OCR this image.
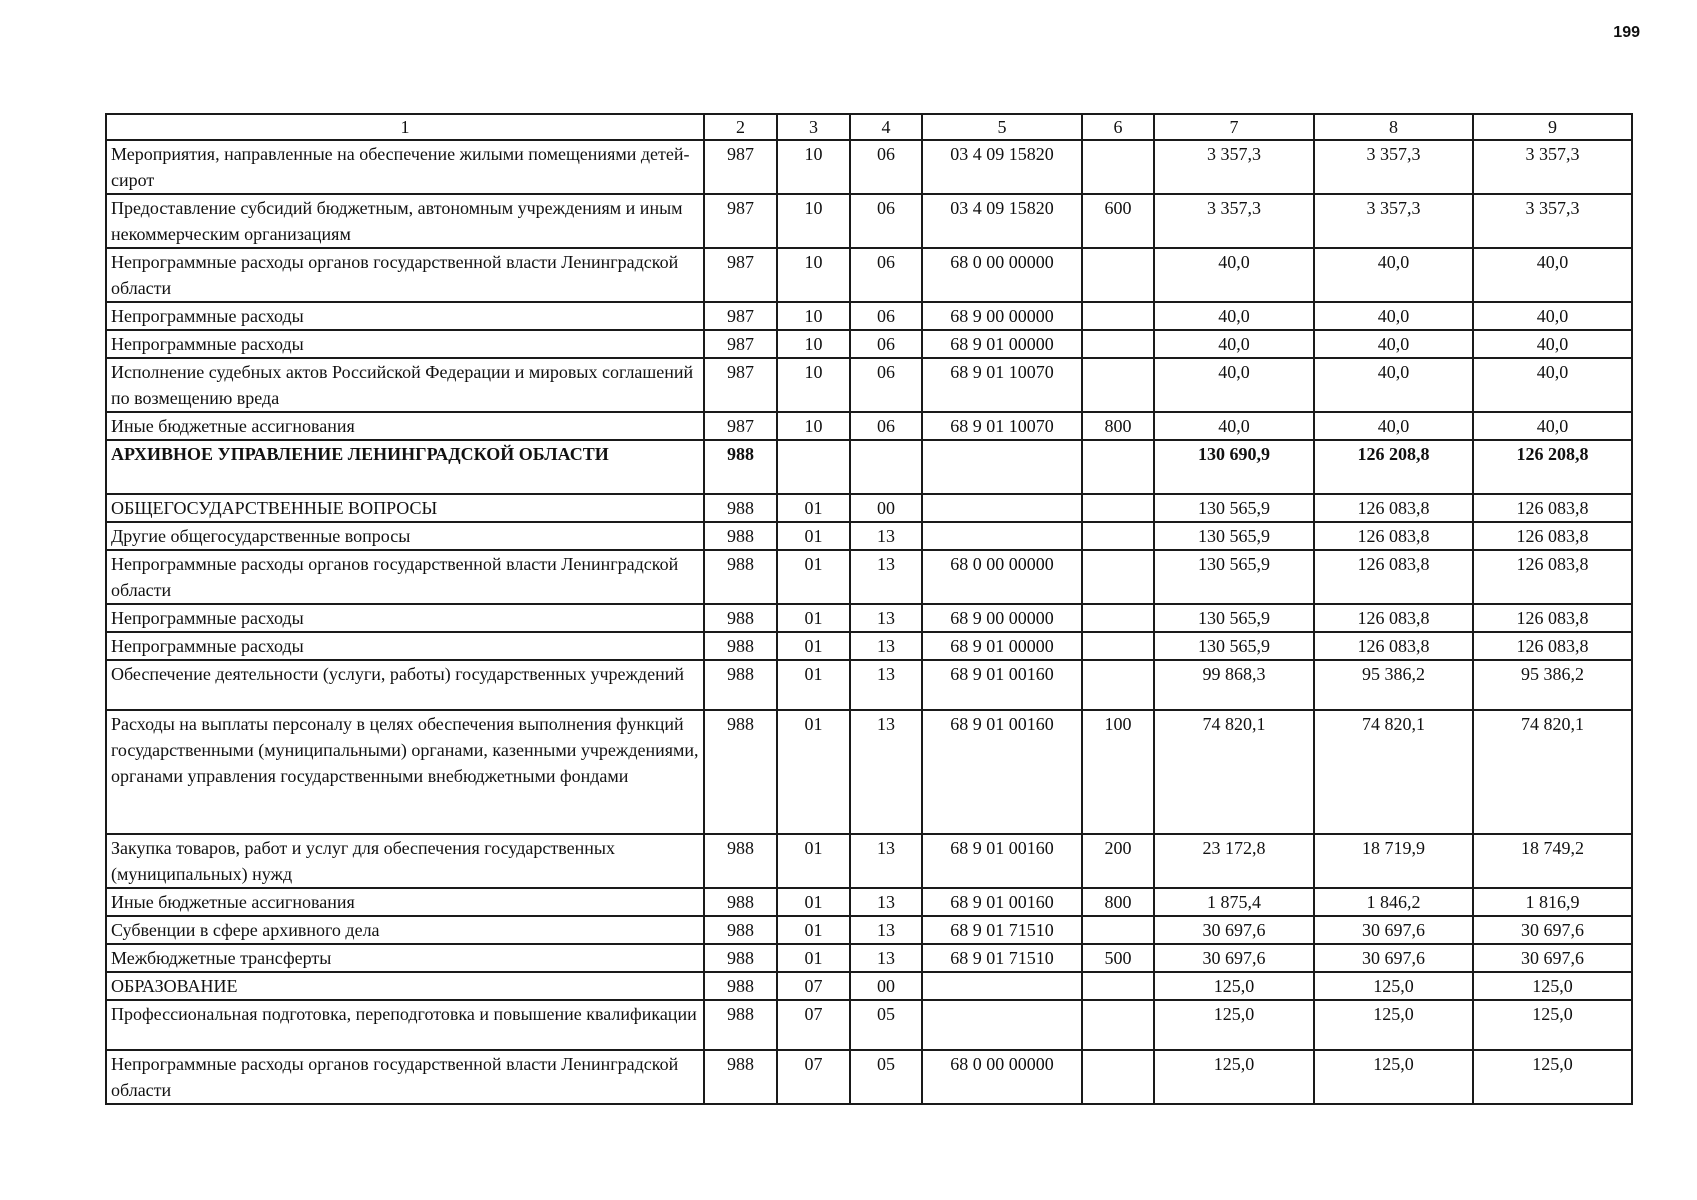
199
1	2	3	4	5	6	7	8	9
Мероприятия, направленные на обеспечение жилыми помещениями детей-сирот	987	10	06	03 4 09 15820		3 357,3	3 357,3	3 357,3
Предоставление субсидий бюджетным, автономным учреждениям и иным некоммерческим организациям	987	10	06	03 4 09 15820	600	3 357,3	3 357,3	3 357,3
Непрограммные расходы органов государственной власти Ленинградской области	987	10	06	68 0 00 00000		40,0	40,0	40,0
Непрограммные расходы	987	10	06	68 9 00 00000		40,0	40,0	40,0
Непрограммные расходы	987	10	06	68 9 01 00000		40,0	40,0	40,0
Исполнение судебных актов Российской Федерации и мировых соглашений по возмещению вреда	987	10	06	68 9 01 10070		40,0	40,0	40,0
Иные бюджетные ассигнования	987	10	06	68 9 01 10070	800	40,0	40,0	40,0
АРХИВНОЕ УПРАВЛЕНИЕ ЛЕНИНГРАДСКОЙ ОБЛАСТИ	988					130 690,9	126 208,8	126 208,8
ОБЩЕГОСУДАРСТВЕННЫЕ ВОПРОСЫ	988	01	00			130 565,9	126 083,8	126 083,8
Другие общегосударственные вопросы	988	01	13			130 565,9	126 083,8	126 083,8
Непрограммные расходы органов государственной власти Ленинградской области	988	01	13	68 0 00 00000		130 565,9	126 083,8	126 083,8
Непрограммные расходы	988	01	13	68 9 00 00000		130 565,9	126 083,8	126 083,8
Непрограммные расходы	988	01	13	68 9 01 00000		130 565,9	126 083,8	126 083,8
Обеспечение деятельности (услуги, работы) государственных учреждений	988	01	13	68 9 01 00160		99 868,3	95 386,2	95 386,2
Расходы на выплаты персоналу в целях обеспечения выполнения функций государственными (муниципальными) органами, казенными учреждениями, органами управления государственными внебюджетными фондами	988	01	13	68 9 01 00160	100	74 820,1	74 820,1	74 820,1
Закупка товаров, работ и услуг для обеспечения государственных (муниципальных) нужд	988	01	13	68 9 01 00160	200	23 172,8	18 719,9	18 749,2
Иные бюджетные ассигнования	988	01	13	68 9 01 00160	800	1 875,4	1 846,2	1 816,9
Субвенции в сфере архивного дела	988	01	13	68 9 01 71510		30 697,6	30 697,6	30 697,6
Межбюджетные трансферты	988	01	13	68 9 01 71510	500	30 697,6	30 697,6	30 697,6
ОБРАЗОВАНИЕ	988	07	00			125,0	125,0	125,0
Профессиональная подготовка, переподготовка и повышение квалификации	988	07	05			125,0	125,0	125,0
Непрограммные расходы органов государственной власти Ленинградской области	988	07	05	68 0 00 00000		125,0	125,0	125,0
